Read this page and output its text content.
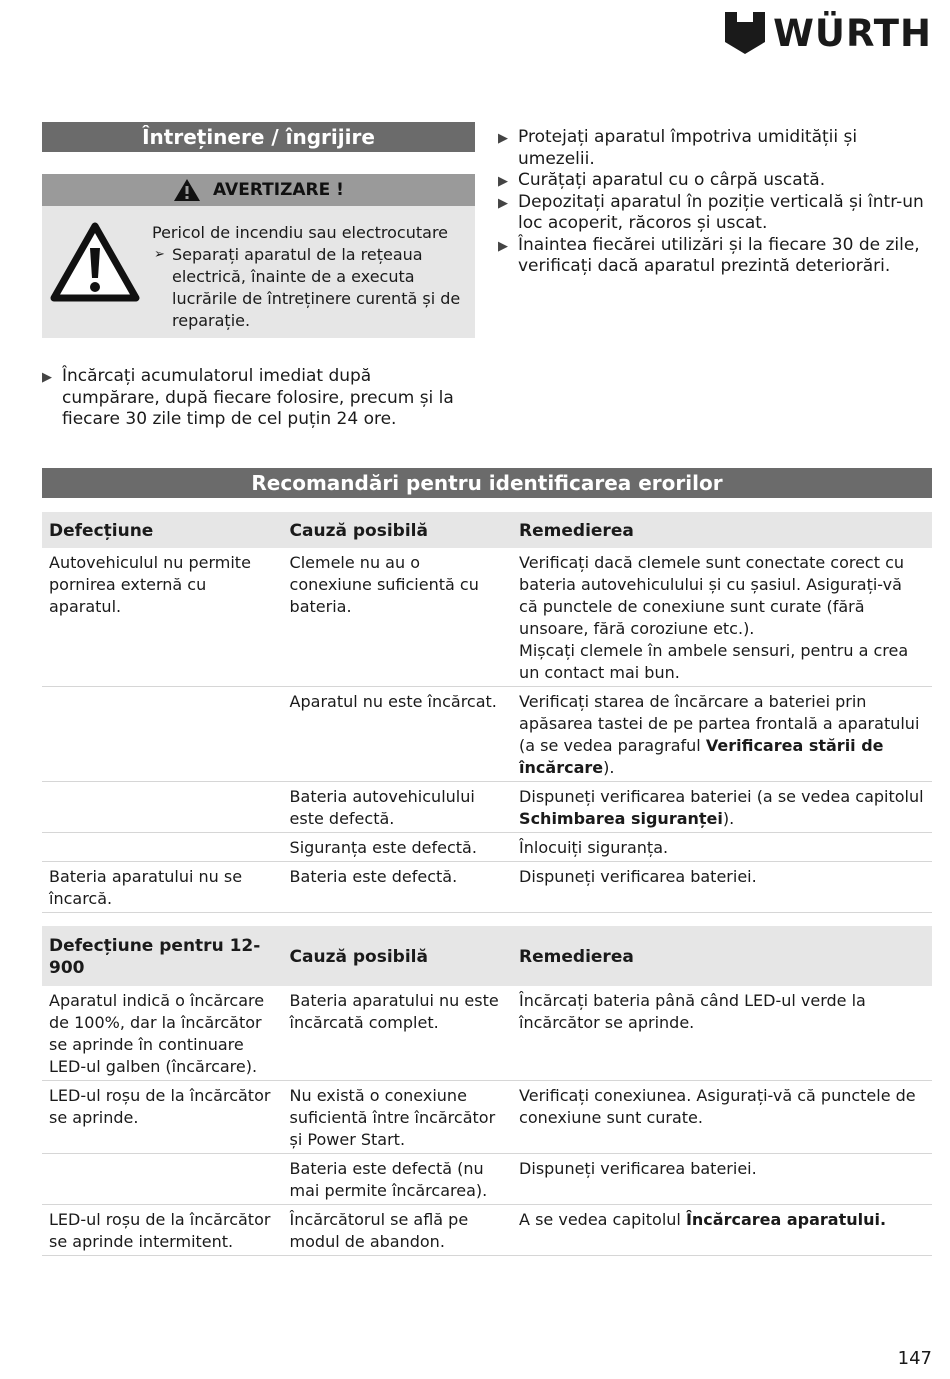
WÜRTH
Întreținere / îngrijire
AVERTIZARE !
Pericol de incendiu sau electrocutare
➢ Separați aparatul de la rețeaua electrică, înainte de a executa lucrările de întreținere curentă și de reparație.
▶ Încărcați acumulatorul imediat după cumpărare, după fiecare folosire, precum și la fiecare 30 zile timp de cel puțin 24 ore.
▶ Protejați aparatul împotriva umidității și umezelii.
▶ Curățați aparatul cu o cârpă uscată.
▶ Depozitați aparatul în poziție verticală și într-un loc acoperit, răcoros și uscat.
▶ Înaintea fiecărei utilizări și la fiecare 30 de zile, verificați dacă aparatul prezintă deteriorări.
Recomandări pentru identificarea erorilor
Defecțiune	Cauză posibilă	Remedierea
Autovehiculul nu permite pornirea externă cu aparatul.	Clemele nu au o conexiune suficientă cu bateria.	Verificați dacă clemele sunt conectate corect cu bateria autovehiculului și cu șasiul. Asigurați-vă că punctele de conexiune sunt curate (fără unsoare, fără coroziune etc.).
Mișcați clemele în ambele sensuri, pentru a crea un contact mai bun.

	Aparatul nu este încărcat.	Verificați starea de încărcare a bateriei prin apăsarea tastei de pe partea frontală a aparatului (a se vedea paragraful Verificarea stării de încărcare).
	Bateria autovehiculului este defectă.	Dispuneți verificarea bateriei (a se vedea capitolul Schimbarea siguranței).
	Siguranța este defectă.	Înlocuiți siguranța.
Bateria aparatului nu se încarcă.	Bateria este defectă.	Dispuneți verificarea bateriei.
Defecțiune pentru 12-900	Cauză posibilă	Remedierea
Aparatul indică o încărcare de 100%, dar la încărcător se aprinde în continuare LED-ul galben (încărcare).	Bateria aparatului nu este încărcată complet.	Încărcați bateria până când LED-ul verde la încărcător se aprinde.
LED-ul roșu de la încărcător se aprinde.	Nu există o conexiune suficientă între încărcător și Power Start.	Verificați conexiunea. Asigurați-vă că punctele de conexiune sunt curate.
	Bateria este defectă (nu mai permite încărcarea).	Dispuneți verificarea bateriei.
LED-ul roșu de la încărcător se aprinde intermitent.	Încărcătorul se află pe modul de abandon.	A se vedea capitolul Încărcarea aparatului.
147
